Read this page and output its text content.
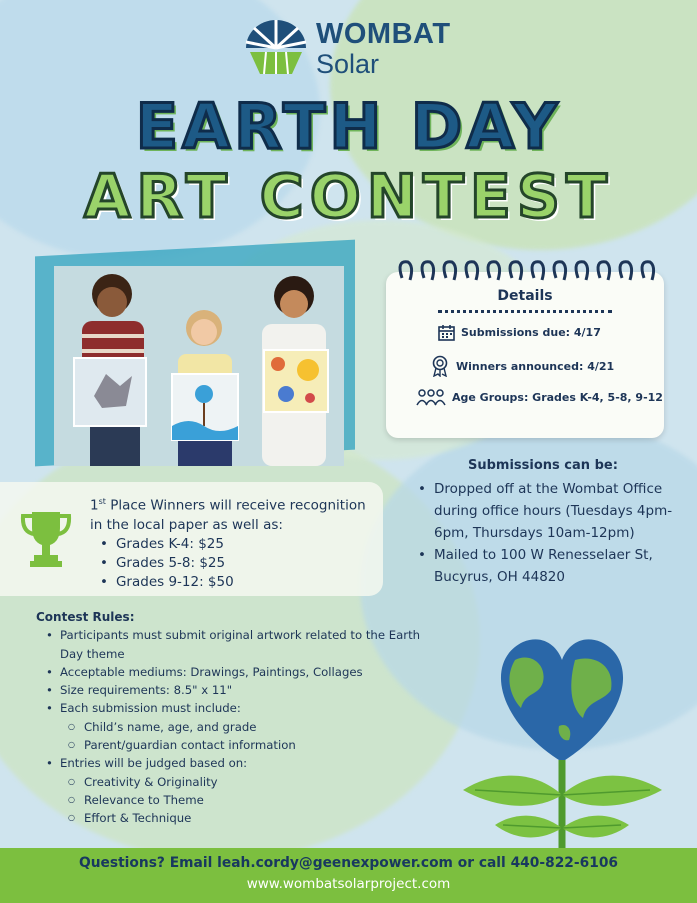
WOMBAT
Solar
EARTH DAY
ART CONTEST
Details
Submissions due: 4/17
Winners announced: 4/21
Age Groups: Grades K-4, 5-8, 9-12
1st Place Winners will receive recognition in the local paper as well as:
• Grades K-4: $25
• Grades 5-8: $25
• Grades 9-12: $50
Submissions can be:
• Dropped off at the Wombat Office during office hours (Tuesdays 4pm-6pm, Thursdays 10am-12pm)
• Mailed to 100 W Renesselaer St, Bucyrus, OH 44820
Contest Rules:
• Participants must submit original artwork related to the Earth Day theme
• Acceptable mediums: Drawings, Paintings, Collages
• Size requirements: 8.5" x 11"
• Each submission must include:
○ Child’s name, age, and grade
○ Parent/guardian contact information
• Entries will be judged based on:
○ Creativity & Originality
○ Relevance to Theme
○ Effort & Technique
Questions? Email leah.cordy@geenexpower.com or call 440-822-6106
www.wombatsolarproject.com
